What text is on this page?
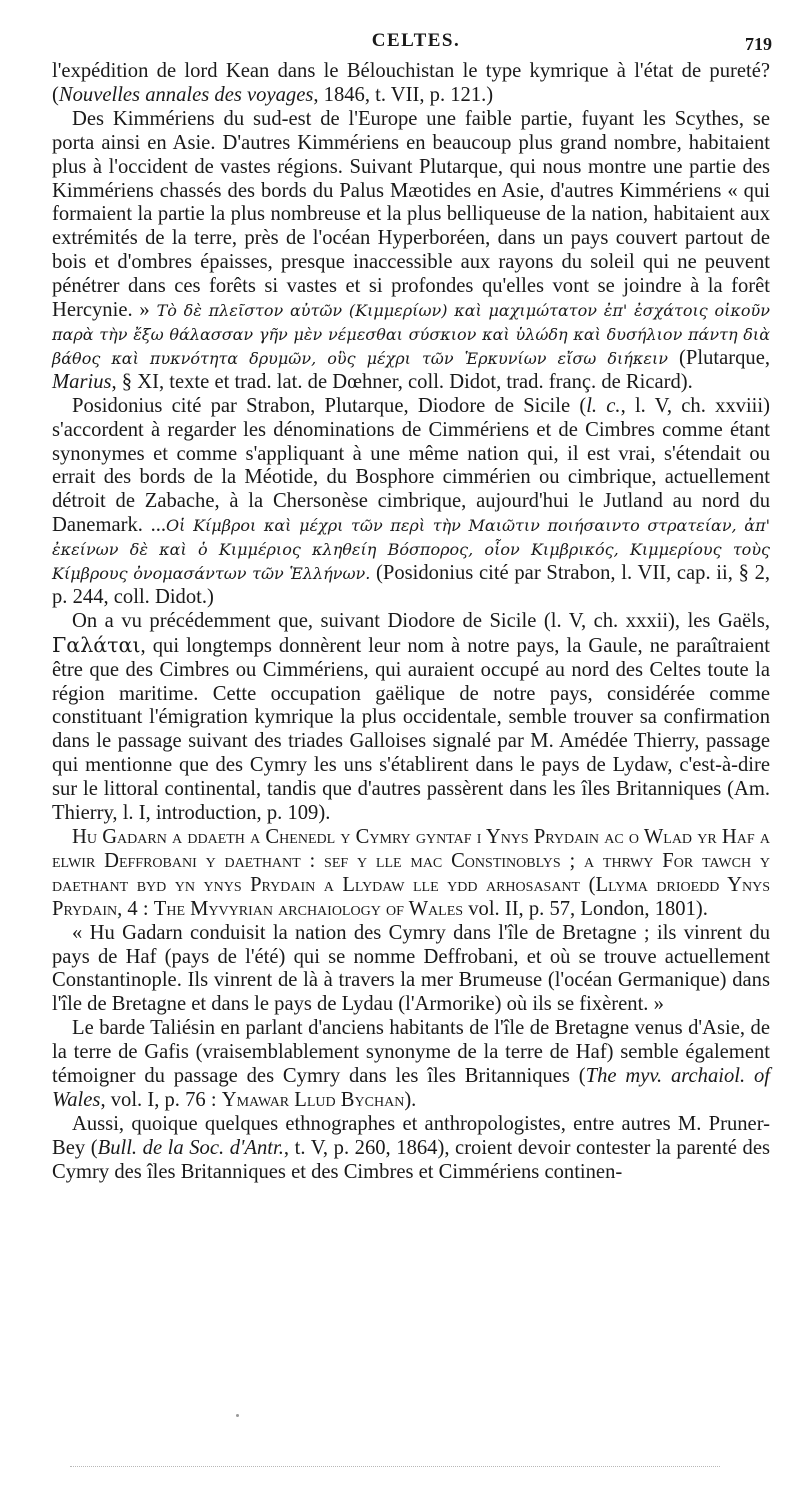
CELTES.	719

l'expédition de lord Kean dans le Bélouchistan le type kymrique à l'état de pureté? (Nouvelles annales des voyages, 1846, t. VII, p. 121.)

Des Kimmériens du sud-est de l'Europe une faible partie, fuyant les Scythes, se porta ainsi en Asie. D'autres Kimmériens en beaucoup plus grand nombre, habitaient plus à l'occident de vastes régions. Suivant Plutarque, qui nous montre une partie des Kimmériens chassés des bords du Palus Mæotides en Asie, d'autres Kimmériens « qui formaient la partie la plus nombreuse et la plus belliqueuse de la nation, habitaient aux extrémités de la terre, près de l'océan Hyperboréen, dans un pays couvert partout de bois et d'ombres épaisses, presque inaccessible aux rayons du soleil qui ne peuvent pénétrer dans ces forêts si vastes et si profondes qu'elles vont se joindre à la forêt Hercynie. » Τὸ δὲ πλεῖστον αὐτῶν (Κιμμερίων) καὶ μαχιμώτατον ἐπ' ἐσχάτοις οἰκοῦν παρὰ τὴν ἔξω θάλασσαν γῆν μὲν νέμεσθαι σύσκιον καὶ ὑλώδη καὶ δυσήλιον πάντη διὰ βάθος καὶ πυκνότητα δρυμῶν, οὓς μέχρι τῶν Ἑρκυνίων εἴσω διήκειν (Plutarque, Marius, § XI, texte et trad. lat. de Dœhner, coll. Didot, trad. franç. de Ricard).

Posidonius cité par Strabon, Plutarque, Diodore de Sicile (l. c., l. V, ch. xxviii) s'accordent à regarder les dénominations de Cimmériens et de Cimbres comme étant synonymes et comme s'appliquant à une même nation qui, il est vrai, s'étendait ou errait des bords de la Méotide, du Bosphore cimmérien ou cimbrique, actuellement détroit de Zabache, à la Chersonèse cimbrique, aujourd'hui le Jutland au nord du Danemark. ...Οἱ Κίμβροι καὶ μέχρι τῶν περὶ τὴν Μαιῶτιν ποιήσαιντο στρατείαν, ἀπ' ἐκείνων δὲ καὶ ὁ Κιμμέριος κληθείη Βόσπορος, οἷον Κιμβρικός, Κιμμερίους τοὺς Κίμβρους ὀνομασάντων τῶν Ἑλλήνων. (Posidonius cité par Strabon, l. VII, cap. ii, § 2, p. 244, coll. Didot.)

On a vu précédemment que, suivant Diodore de Sicile (l. V, ch. xxxii), les Gaëls, Γαλάται, qui longtemps donnèrent leur nom à notre pays, la Gaule, ne paraîtraient être que des Cimbres ou Cimmériens, qui auraient occupé au nord des Celtes toute la région maritime. Cette occupation gaëlique de notre pays, considérée comme constituant l'émigration kymrique la plus occidentale, semble trouver sa confirmation dans le passage suivant des triades Galloises signalé par M. Amédée Thierry, passage qui mentionne que des Cymry les uns s'établirent dans le pays de Lydaw, c'est-à-dire sur le littoral continental, tandis que d'autres passèrent dans les îles Britanniques (Am. Thierry, l. I, introduction, p. 109).

Hu Gadarn a ddaeth a Chenedl y Cymry gyntaf i Ynys Prydain ac o Wlad yr Haf a elwir Deffrobani y daethant : sef y lle mac Constinoblys ; a thrwy For tawch y daethant byd yn ynys Prydain a Llydaw lle ydd arhosasant (Llyma drioedd Ynys Prydain, 4 : The Myvyrian archaiology of Wales vol. II, p. 57, London, 1801).

« Hu Gadarn conduisit la nation des Cymry dans l'île de Bretagne ; ils vinrent du pays de Haf (pays de l'été) qui se nomme Deffrobani, et où se trouve actuellement Constantinople. Ils vinrent de là à travers la mer Brumeuse (l'océan Germanique) dans l'île de Bretagne et dans le pays de Lydau (l'Armorike) où ils se fixèrent. »

Le barde Taliésin en parlant d'anciens habitants de l'île de Bretagne venus d'Asie, de la terre de Gafis (vraisemblablement synonyme de la terre de Haf) semble également témoigner du passage des Cymry dans les îles Britanniques (The myv. archaiol. of Wales, vol. I, p. 76 : Ymawar Llud Bychan).

Aussi, quoique quelques ethnographes et anthropologistes, entre autres M. Pruner-Bey (Bull. de la Soc. d'Antr., t. V, p. 260, 1864), croient devoir contester la parenté des Cymry des îles Britanniques et des Cimbres et Cimmériens continen-
